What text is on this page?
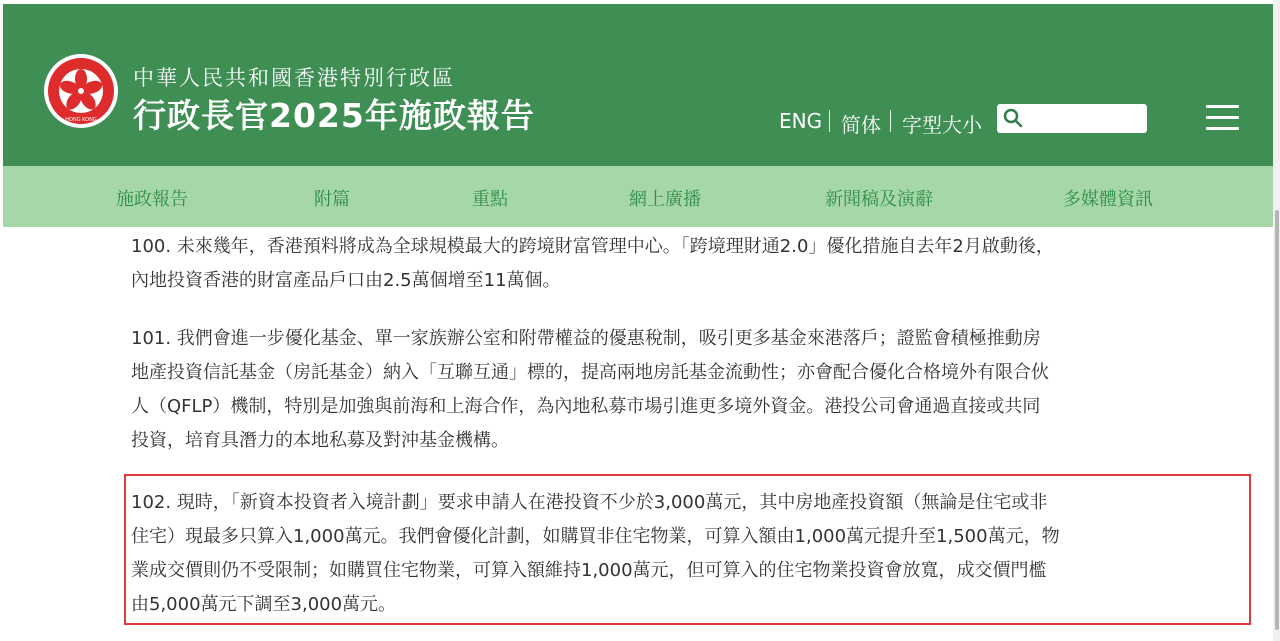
HONG KONG
中華人民共和國香港特別行政區
行政長官2025年施政報告	ENG 简体 字型大小
施政報告	附篇	重點	網上廣播	新聞稿及演辭	多媒體資訊
100. 未來幾年，香港預料將成為全球規模最大的跨境財富管理中心。「跨境理財通2.0」優化措施自去年2月啟動後，
內地投資香港的財富產品戶口由2.5萬個增至11萬個。
101. 我們會進一步優化基金、單一家族辦公室和附帶權益的優惠稅制，吸引更多基金來港落戶；證監會積極推動房
地產投資信託基金（房託基金）納入「互聯互通」標的，提高兩地房託基金流動性；亦會配合優化合格境外有限合伙
人（QFLP）機制，特別是加強與前海和上海合作，為內地私募市場引進更多境外資金。港投公司會通過直接或共同
投資，培育具潛力的本地私募及對沖基金機構。
102. 現時，「新資本投資者入境計劃」要求申請人在港投資不少於3,000萬元，其中房地產投資額（無論是住宅或非
住宅）現最多只算入1,000萬元。我們會優化計劃，如購買非住宅物業，可算入額由1,000萬元提升至1,500萬元，物
業成交價則仍不受限制；如購買住宅物業，可算入額維持1,000萬元，但可算入的住宅物業投資會放寬，成交價門檻
由5,000萬元下調至3,000萬元。
